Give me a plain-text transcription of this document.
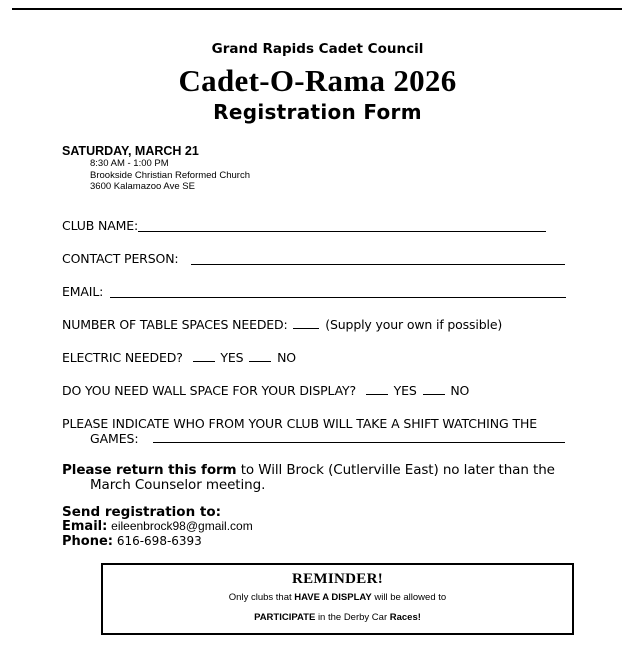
Grand Rapids Cadet Council
Cadet-O-Rama 2026
Registration Form
SATURDAY, MARCH 21
8:30 AM - 1:00 PM
Brookside Christian Reformed Church
3600 Kalamazoo Ave SE
CLUB NAME:
CONTACT PERSON:
EMAIL:
NUMBER OF TABLE SPACES NEEDED:	(Supply your own if possible)
ELECTRIC NEEDED?	YES	NO
DO YOU NEED WALL SPACE FOR YOUR DISPLAY?	YES	NO
PLEASE INDICATE WHO FROM YOUR CLUB WILL TAKE A SHIFT WATCHING THE
GAMES:
Please return this form to Will Brock (Cutlerville East) no later than the
March Counselor meeting.
Send registration to:
Email: eileenbrock98@gmail.com
Phone: 616-698-6393
REMINDER!
Only clubs that HAVE A DISPLAY will be allowed to
PARTICIPATE in the Derby Car Races!
